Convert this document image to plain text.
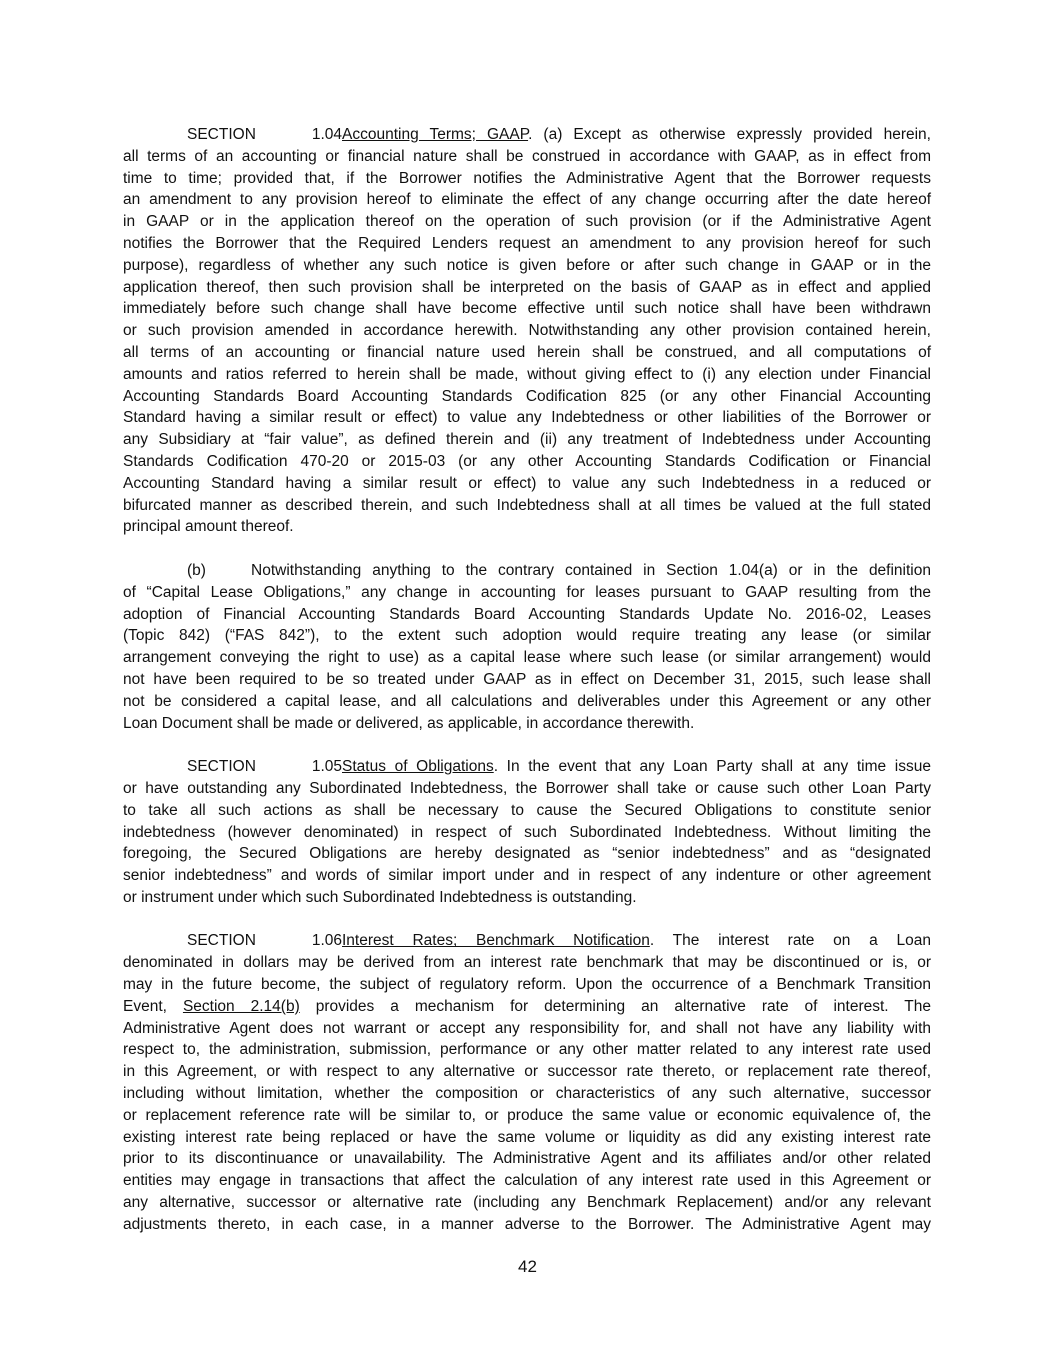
SECTION 1.04 Accounting Terms; GAAP. (a) Except as otherwise expressly provided herein,
all terms of an accounting or financial nature shall be construed in accordance with GAAP, as in effect from
time to time; provided that, if the Borrower notifies the Administrative Agent that the Borrower requests
an amendment to any provision hereof to eliminate the effect of any change occurring after the date hereof
in GAAP or in the application thereof on the operation of such provision (or if the Administrative Agent
notifies the Borrower that the Required Lenders request an amendment to any provision hereof for such
purpose), regardless of whether any such notice is given before or after such change in GAAP or in the
application thereof, then such provision shall be interpreted on the basis of GAAP as in effect and applied
immediately before such change shall have become effective until such notice shall have been withdrawn
or such provision amended in accordance herewith. Notwithstanding any other provision contained herein,
all terms of an accounting or financial nature used herein shall be construed, and all computations of
amounts and ratios referred to herein shall be made, without giving effect to (i) any election under Financial
Accounting Standards Board Accounting Standards Codification 825 (or any other Financial Accounting
Standard having a similar result or effect) to value any Indebtedness or other liabilities of the Borrower or
any Subsidiary at “fair value”, as defined therein and (ii) any treatment of Indebtedness under Accounting
Standards Codification 470-20 or 2015-03 (or any other Accounting Standards Codification or Financial
Accounting Standard having a similar result or effect) to value any such Indebtedness in a reduced or
bifurcated manner as described therein, and such Indebtedness shall at all times be valued at the full stated
principal amount thereof.
(b)	Notwithstanding anything to the contrary contained in Section 1.04(a) or in the definition
of “Capital Lease Obligations,” any change in accounting for leases pursuant to GAAP resulting from the
adoption of Financial Accounting Standards Board Accounting Standards Update No. 2016-02, Leases
(Topic 842) (“FAS 842”), to the extent such adoption would require treating any lease (or similar
arrangement conveying the right to use) as a capital lease where such lease (or similar arrangement) would
not have been required to be so treated under GAAP as in effect on December 31, 2015, such lease shall
not be considered a capital lease, and all calculations and deliverables under this Agreement or any other
Loan Document shall be made or delivered, as applicable, in accordance therewith.
SECTION 1.05 Status of Obligations. In the event that any Loan Party shall at any time issue
or have outstanding any Subordinated Indebtedness, the Borrower shall take or cause such other Loan Party
to take all such actions as shall be necessary to cause the Secured Obligations to constitute senior
indebtedness (however denominated) in respect of such Subordinated Indebtedness. Without limiting the
foregoing, the Secured Obligations are hereby designated as “senior indebtedness” and as “designated
senior indebtedness” and words of similar import under and in respect of any indenture or other agreement
or instrument under which such Subordinated Indebtedness is outstanding.
SECTION 1.06 Interest Rates; Benchmark Notification. The interest rate on a Loan
denominated in dollars may be derived from an interest rate benchmark that may be discontinued or is, or
may in the future become, the subject of regulatory reform. Upon the occurrence of a Benchmark Transition
Event, Section 2.14(b) provides a mechanism for determining an alternative rate of interest. The
Administrative Agent does not warrant or accept any responsibility for, and shall not have any liability with
respect to, the administration, submission, performance or any other matter related to any interest rate used
in this Agreement, or with respect to any alternative or successor rate thereto, or replacement rate thereof,
including without limitation, whether the composition or characteristics of any such alternative, successor
or replacement reference rate will be similar to, or produce the same value or economic equivalence of, the
existing interest rate being replaced or have the same volume or liquidity as did any existing interest rate
prior to its discontinuance or unavailability. The Administrative Agent and its affiliates and/or other related
entities may engage in transactions that affect the calculation of any interest rate used in this Agreement or
any alternative, successor or alternative rate (including any Benchmark Replacement) and/or any relevant
adjustments thereto, in each case, in a manner adverse to the Borrower. The Administrative Agent may
42
